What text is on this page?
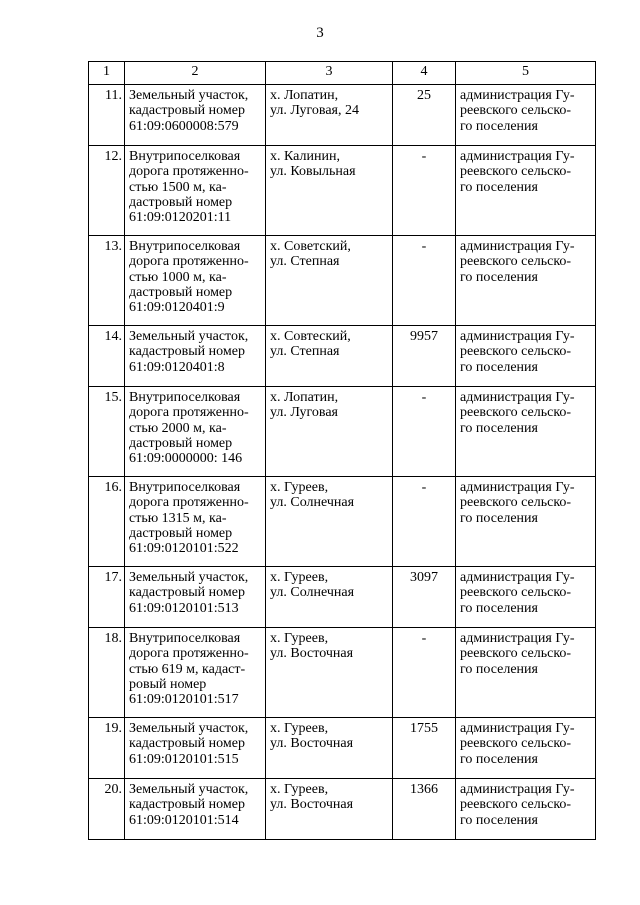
3
1	2	3	4	5

11.	Земельный участок,
кадастровый номер
61:09:0600008:579	х. Лопатин,
ул. Луговая, 24	25	администрация Гу-
реевского сельско-
го поселения

12.	Внутрипоселковая
дорога протяженно-
стью 1500 м, ка-
дастровый номер
61:09:0120201:11	х. Калинин,
ул. Ковыльная	-	администрация Гу-
реевского сельско-
го поселения

13.	Внутрипоселковая
дорога протяженно-
стью 1000 м, ка-
дастровый номер
61:09:0120401:9	х. Советский,
ул. Степная	-	администрация Гу-
реевского сельско-
го поселения

14.	Земельный участок,
кадастровый номер
61:09:0120401:8	х. Совтеский,
ул. Степная	9957	администрация Гу-
реевского сельско-
го поселения

15.	Внутрипоселковая
дорога протяженно-
стью 2000 м, ка-
дастровый номер
61:09:0000000: 146	х. Лопатин,
ул. Луговая	-	администрация Гу-
реевского сельско-
го поселения

16.	Внутрипоселковая
дорога протяженно-
стью 1315 м, ка-
дастровый номер
61:09:0120101:522	х. Гуреев,
ул. Солнечная	-	администрация Гу-
реевского сельско-
го поселения

17.	Земельный участок,
кадастровый номер
61:09:0120101:513	х. Гуреев,
ул. Солнечная	3097	администрация Гу-
реевского сельско-
го поселения

18.	Внутрипоселковая
дорога протяженно-
стью 619 м, кадаст-
ровый номер
61:09:0120101:517	х. Гуреев,
ул. Восточная	-	администрация Гу-
реевского сельско-
го поселения

19.	Земельный участок,
кадастровый номер
61:09:0120101:515	х. Гуреев,
ул. Восточная	1755	администрация Гу-
реевского сельско-
го поселения

20.	Земельный участок,
кадастровый номер
61:09:0120101:514	х. Гуреев,
ул. Восточная	1366	администрация Гу-
реевского сельско-
го поселения
